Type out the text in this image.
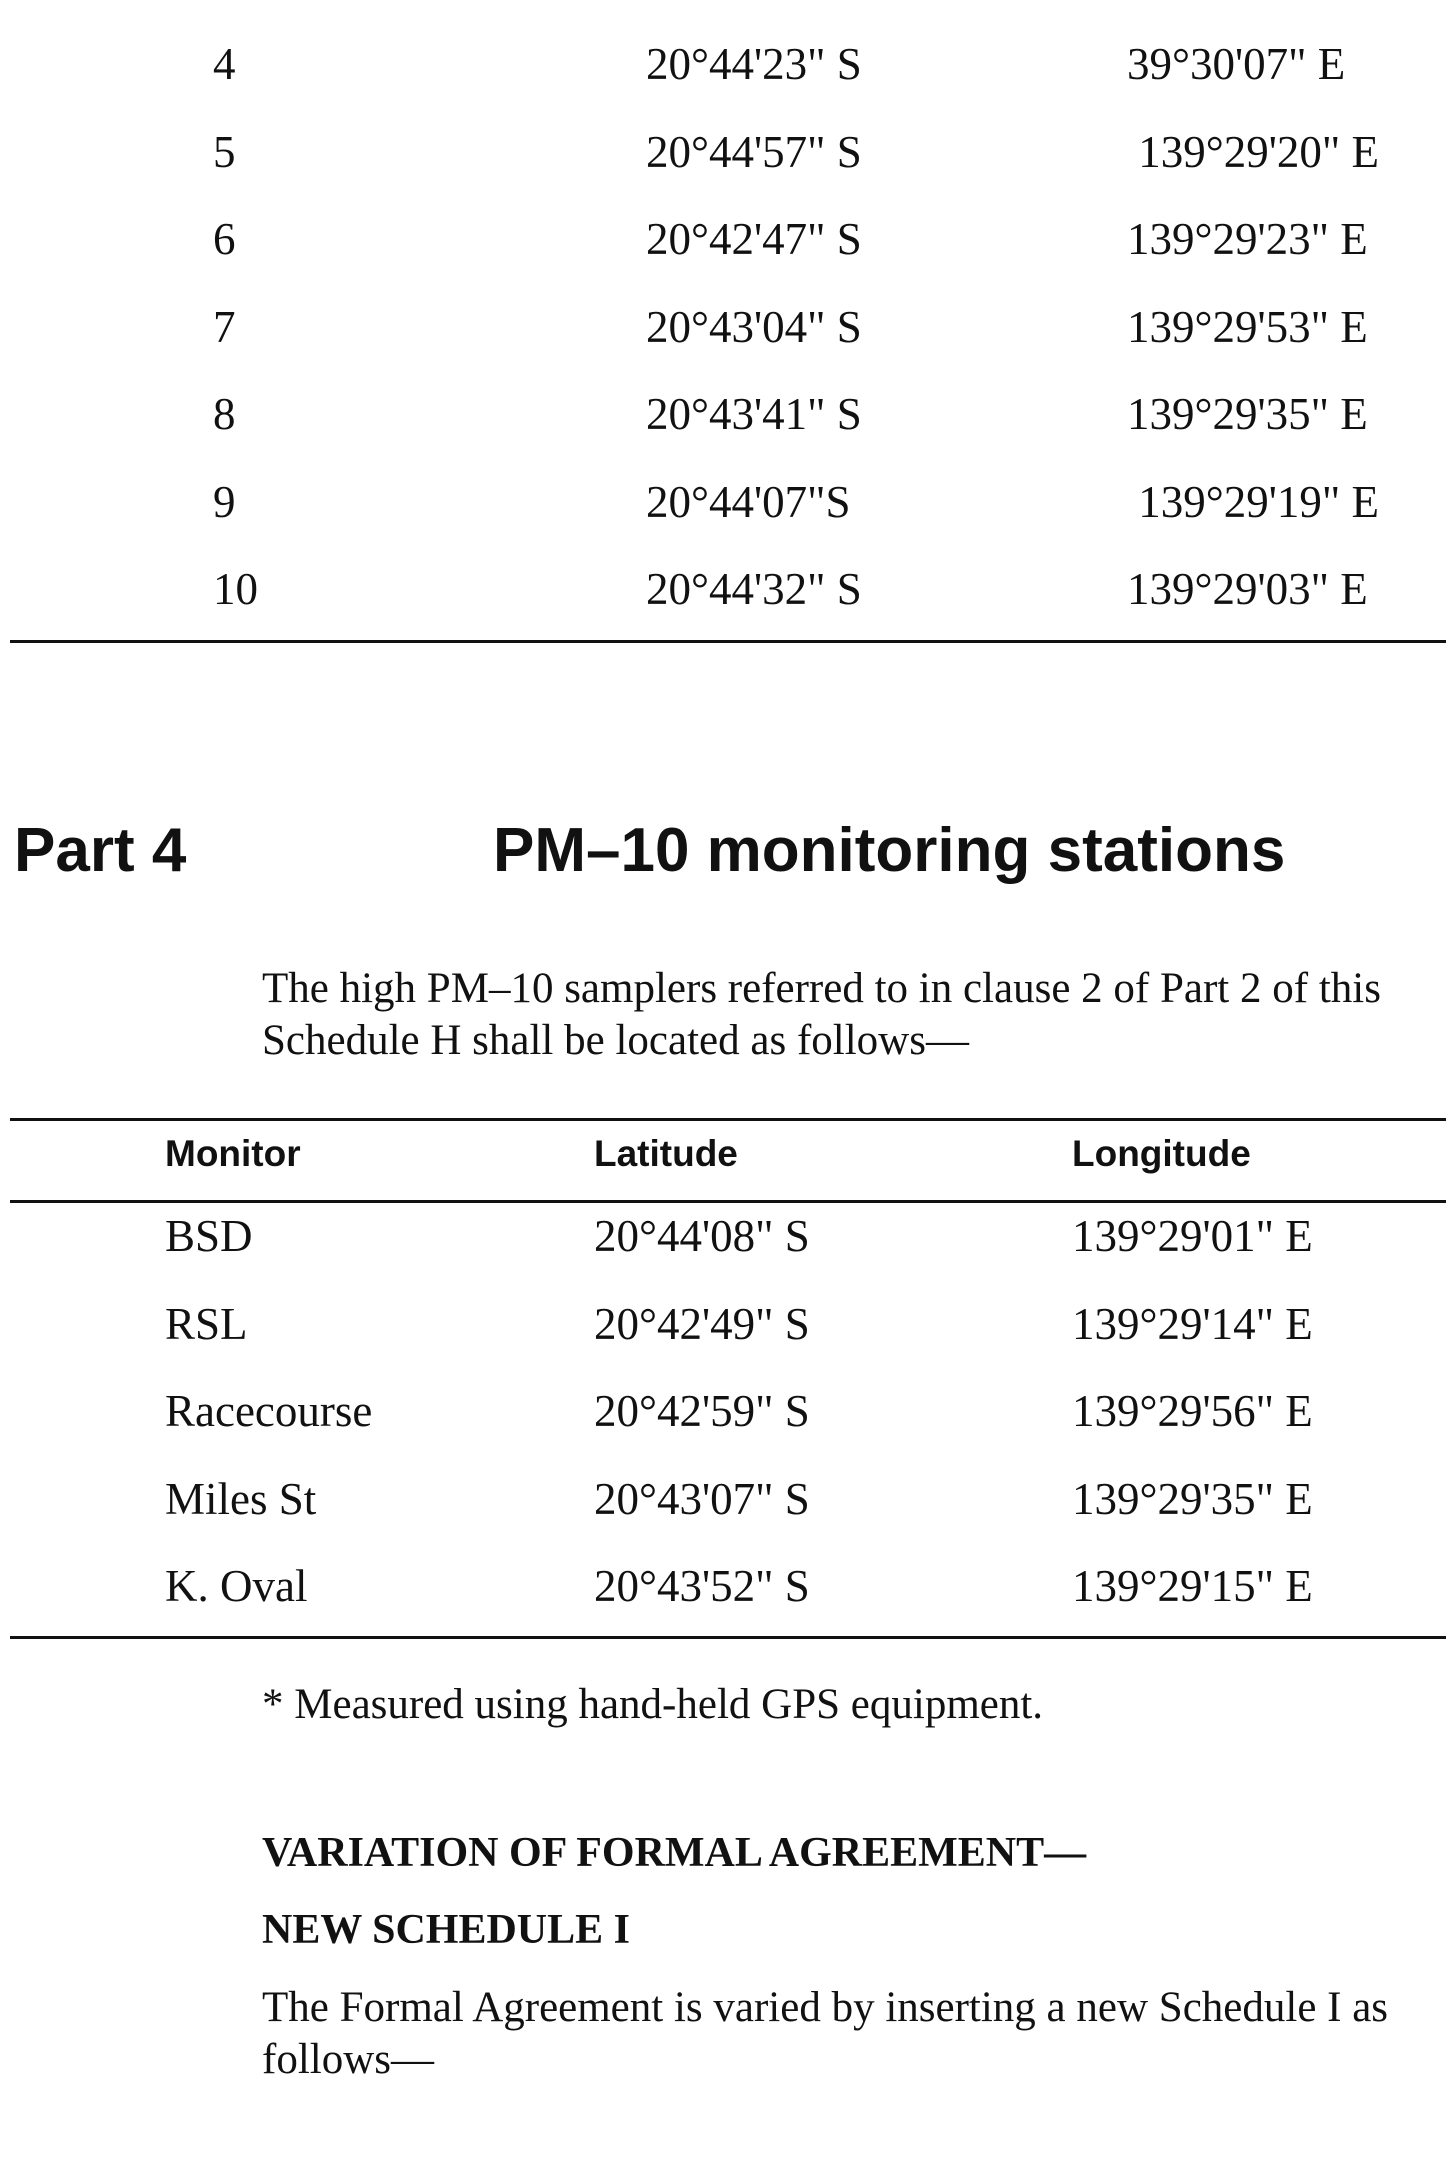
4	20°44'23" S	39°30'07" E
5	20°44'57" S	139°29'20" E
6	20°42'47" S	139°29'23" E
7	20°43'04" S	139°29'53" E
8	20°43'41" S	139°29'35" E
9	20°44'07"S	139°29'19" E
10	20°44'32" S	139°29'03" E
Part 4	PM–10 monitoring stations
The high PM–10 samplers referred to in clause 2 of Part 2 of this Schedule H shall be located as follows—
Monitor	Latitude	Longitude
BSD	20°44'08" S	139°29'01" E
RSL	20°42'49" S	139°29'14" E
Racecourse	20°42'59" S	139°29'56" E
Miles St	20°43'07" S	139°29'35" E
K. Oval	20°43'52" S	139°29'15" E
* Measured using hand-held GPS equipment.
VARIATION OF FORMAL AGREEMENT—
NEW SCHEDULE I
The Formal Agreement is varied by inserting a new Schedule I as follows—
